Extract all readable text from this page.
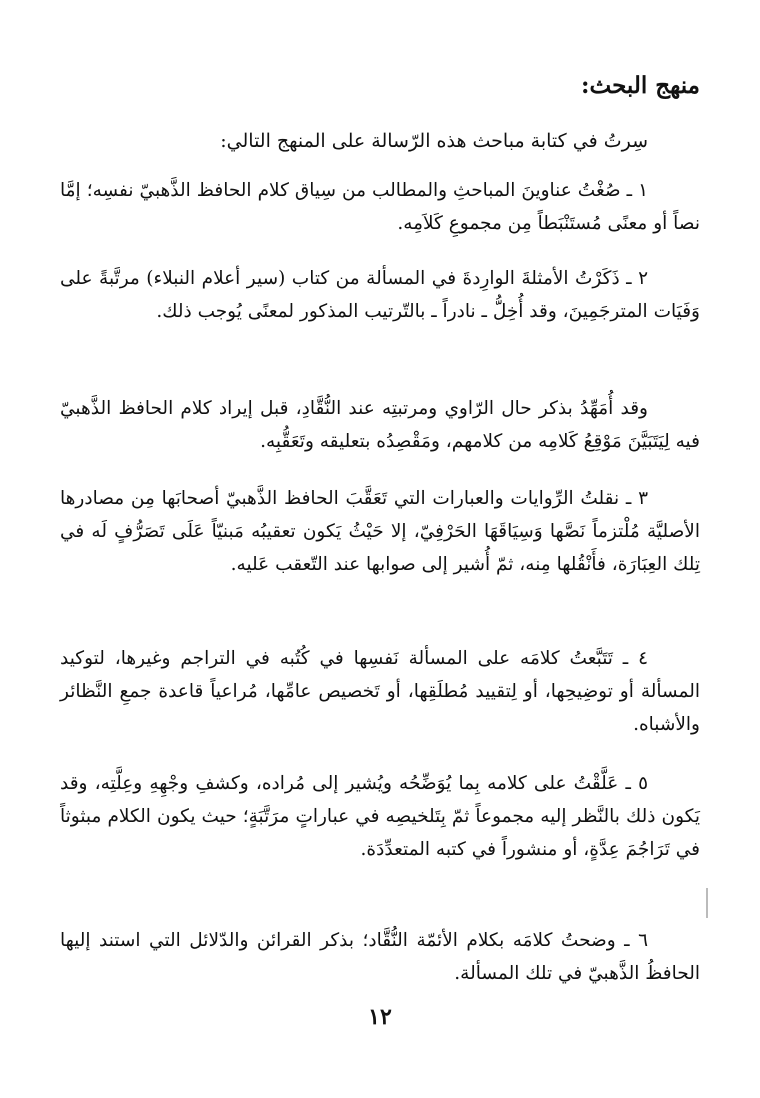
منهج البحث:
سِرتُ في كتابة مباحث هذه الرّسالة على المنهج التالي:
١ ـ صُغْتُ عناوينَ المباحثِ والمطالب من سِياق كلام الحافظ الذَّهبيّ نفسِه؛ إمَّا نصاً أو معنًى مُستَنْبَطاً مِن مجموعِ كَلاَمِه.
٢ ـ ذَكَرْتُ الأمثلةَ الوارِدةَ في المسألة من كتاب (سير أعلام النبلاء) مرتَّبةً على وَفَيَات المترجَمِينَ، وقد أُخِلُّ ـ نادراً ـ بالتّرتيب المذكور لمعنًى يُوجب ذلك.
وقد أُمَهِّدُ بذكر حال الرّاوي ومرتبتِه عند النُّقَّادِ، قبل إيراد كلام الحافظ الذَّهبيّ فيه لِيَتَبَيَّنَ مَوْقِعُ كَلامِه من كلامهم، ومَقْصِدُه بتعليقه وتَعَقُّبِه.
٣ ـ نقلتُ الرِّوايات والعبارات التي تَعَقَّبَ الحافظ الذَّهبيّ أصحابَها مِن مصادرها الأصليَّة مُلْتزماً نَصَّها وَسِيَاقَهَا الحَرْفِيّ، إلا حَيْثُ يَكون تعقيبُه مَبنيّاً عَلَى تَصَرُّفٍ لَه في تِلك العِبَارَة، فأَنْقُلها مِنه، ثمّ أُشير إلى صوابها عند التّعقب عَليه.
٤ ـ تَتَبَّعتُ كلامَه على المسألة نَفسِها في كُتُبه في التراجم وغيرها، لتوكيد المسألة أو توضِيحِها، أو لِتقييد مُطلَقِها، أو تَخصيص عامِّها، مُراعياً قاعدة جمعِ النَّظائر والأشباه.
٥ ـ عَلَّقْتُ على كلامه بِما يُوَضِّحُه ويُشير إلى مُراده، وكشفِ وجْهِهِ وعِلَّتِه، وقد يَكون ذلك بالنَّظر إليه مجموعاً ثمّ بِتَلخيصِه في عباراتٍ مرَتَّبَةٍ؛ حيث يكون الكلام مبثوثاً في تَرَاجُمَ عِدَّةٍ، أو منشوراً في كتبه المتعدِّدَة.
٦ ـ وضحتُ كلامَه بكلام الأئمّة النُّقَّاد؛ بذكر القرائن والدّلائل التي استند إليها الحافظُ الذَّهبيّ في تلك المسألة.
١٢
